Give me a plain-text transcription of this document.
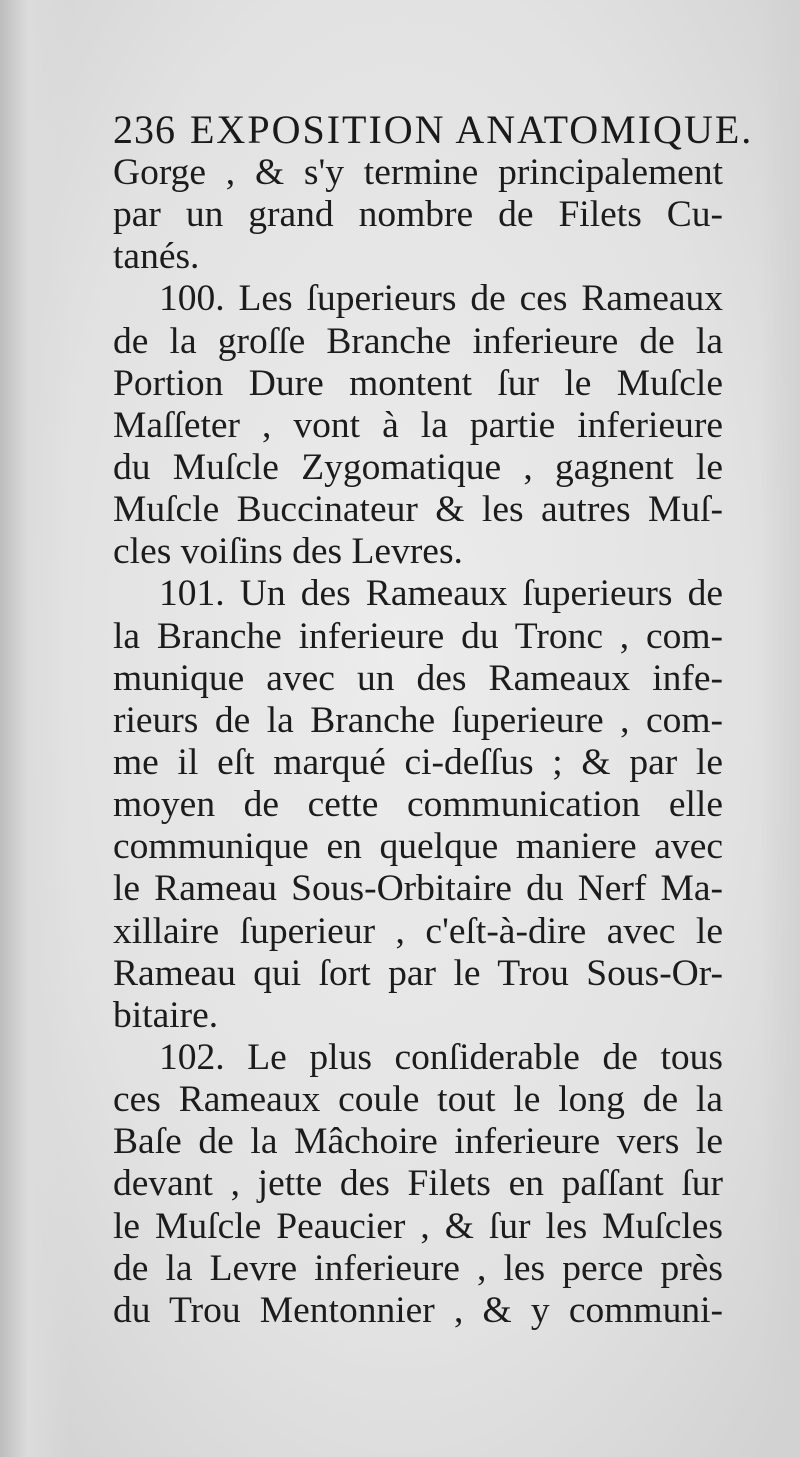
236 EXPOSITION ANATOMIQUE.
Gorge , & s'y termine principalement
par un grand nombre de Filets Cu-
tanés.
100. Les ſuperieurs de ces Rameaux
de la groſſe Branche inferieure de la
Portion Dure montent ſur le Muſcle
Maſſeter , vont à la partie inferieure
du Muſcle Zygomatique , gagnent le
Muſcle Buccinateur & les autres Muſ-
cles voiſins des Levres.
101. Un des Rameaux ſuperieurs de
la Branche inferieure du Tronc , com-
munique avec un des Rameaux infe-
rieurs de la Branche ſuperieure , com-
me il eſt marqué ci-deſſus ; & par le
moyen de cette communication elle
communique en quelque maniere avec
le Rameau Sous-Orbitaire du Nerf Ma-
xillaire ſuperieur , c'eſt-à-dire avec le
Rameau qui ſort par le Trou Sous-Or-
bitaire.
102. Le plus conſiderable de tous
ces Rameaux coule tout le long de la
Baſe de la Mâchoire inferieure vers le
devant , jette des Filets en paſſant ſur
le Muſcle Peaucier , & ſur les Muſcles
de la Levre inferieure , les perce près
du Trou Mentonnier , & y communi-
